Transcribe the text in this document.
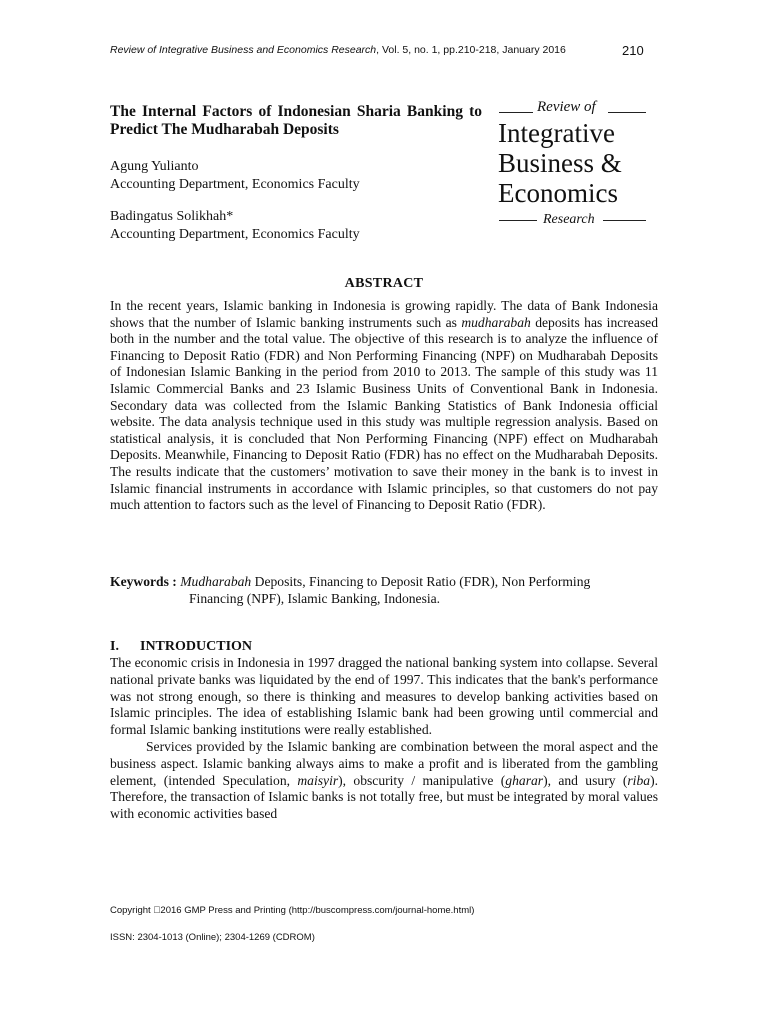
Review of Integrative Business and Economics Research, Vol. 5, no. 1, pp.210-218, January 2016	210
The Internal Factors of Indonesian Sharia Banking to Predict The Mudharabah Deposits
Agung Yulianto
Accounting Department, Economics Faculty
Badingatus Solikhah*
Accounting Department, Economics Faculty
Review of
Integrative
Business &
Economics
Research
ABSTRACT
In the recent years, Islamic banking in Indonesia is growing rapidly. The data of Bank Indonesia shows that the number of Islamic banking instruments such as mudharabah deposits has increased both in the number and the total value. The objective of this research is to analyze the influence of Financing to Deposit Ratio (FDR) and Non Performing Financing (NPF) on Mudharabah Deposits of Indonesian Islamic Banking in the period from 2010 to 2013. The sample of this study was 11 Islamic Commercial Banks and 23 Islamic Business Units of Conventional Bank in Indonesia. Secondary data was collected from the Islamic Banking Statistics of Bank Indonesia official website. The data analysis technique used in this study was multiple regression analysis. Based on statistical analysis, it is concluded that Non Performing Financing (NPF) effect on Mudharabah Deposits. Meanwhile, Financing to Deposit Ratio (FDR) has no effect on the Mudharabah Deposits. The results indicate that the customers’ motivation to save their money in the bank is to invest in Islamic financial instruments in accordance with Islamic principles, so that customers do not pay much attention to factors such as the level of Financing to Deposit Ratio (FDR).
Keywords : Mudharabah Deposits, Financing to Deposit Ratio (FDR), Non Performing
Financing (NPF), Islamic Banking, Indonesia.
I. INTRODUCTION

The economic crisis in Indonesia in 1997 dragged the national banking system into collapse. Several national private banks was liquidated by the end of 1997. This indicates that the bank's performance was not strong enough, so there is thinking and measures to develop banking activities based on Islamic principles. The idea of establishing Islamic bank had been growing until commercial and formal Islamic banking institutions were really established.

Services provided by the Islamic banking are combination between the moral aspect and the business aspect. Islamic banking always aims to make a profit and is liberated from the gambling element, (intended Speculation, maisyir), obscurity / manipulative (gharar), and usury (riba). Therefore, the transaction of Islamic banks is not totally free, but must be integrated by moral values with economic activities based

Copyright 2016 GMP Press and Printing (http://buscompress.com/journal-home.html)
ISSN: 2304-1013 (Online); 2304-1269 (CDROM)
